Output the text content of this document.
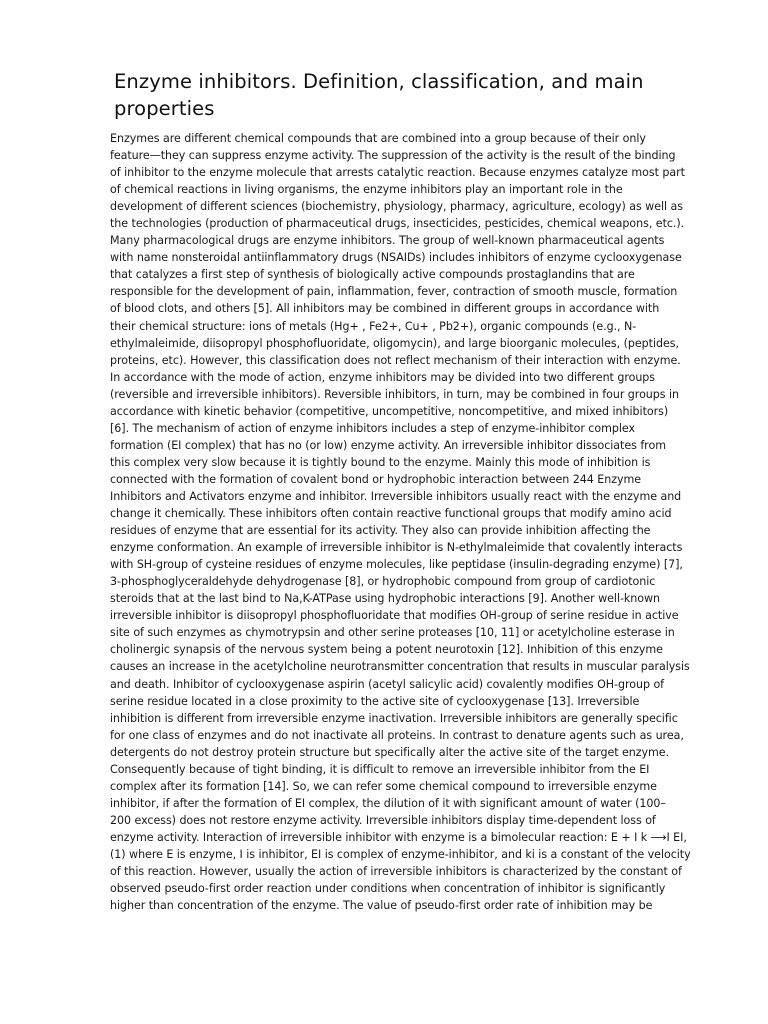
Enzyme inhibitors. Definition, classification, and main
properties

Enzymes are different chemical compounds that are combined into a group because of their only
feature—they can suppress enzyme activity. The suppression of the activity is the result of the binding
of inhibitor to the enzyme molecule that arrests catalytic reaction. Because enzymes catalyze most part
of chemical reactions in living organisms, the enzyme inhibitors play an important role in the
development of different sciences (biochemistry, physiology, pharmacy, agriculture, ecology) as well as
the technologies (production of pharmaceutical drugs, insecticides, pesticides, chemical weapons, etc.).
Many pharmacological drugs are enzyme inhibitors. The group of well-known pharmaceutical agents
with name nonsteroidal antiinflammatory drugs (NSAIDs) includes inhibitors of enzyme cyclooxygenase
that catalyzes a first step of synthesis of biologically active compounds prostaglandins that are
responsible for the development of pain, inflammation, fever, contraction of smooth muscle, formation
of blood clots, and others [5]. All inhibitors may be combined in different groups in accordance with
their chemical structure: ions of metals (Hg+ , Fe2+, Cu+ , Pb2+), organic compounds (e.g., N-
ethylmaleimide, diisopropyl phosphofluoridate, oligomycin), and large bioorganic molecules, (peptides,
proteins, etc). However, this classification does not reflect mechanism of their interaction with enzyme.
In accordance with the mode of action, enzyme inhibitors may be divided into two different groups
(reversible and irreversible inhibitors). Reversible inhibitors, in turn, may be combined in four groups in
accordance with kinetic behavior (competitive, uncompetitive, noncompetitive, and mixed inhibitors)
[6]. The mechanism of action of enzyme inhibitors includes a step of enzyme-inhibitor complex
formation (EI complex) that has no (or low) enzyme activity. An irreversible inhibitor dissociates from
this complex very slow because it is tightly bound to the enzyme. Mainly this mode of inhibition is
connected with the formation of covalent bond or hydrophobic interaction between 244 Enzyme
Inhibitors and Activators enzyme and inhibitor. Irreversible inhibitors usually react with the enzyme and
change it chemically. These inhibitors often contain reactive functional groups that modify amino acid
residues of enzyme that are essential for its activity. They also can provide inhibition affecting the
enzyme conformation. An example of irreversible inhibitor is N-ethylmaleimide that covalently interacts
with SH-group of cysteine residues of enzyme molecules, like peptidase (insulin-degrading enzyme) [7],
3-phosphoglyceraldehyde dehydrogenase [8], or hydrophobic compound from group of cardiotonic
steroids that at the last bind to Na,K-ATPase using hydrophobic interactions [9]. Another well-known
irreversible inhibitor is diisopropyl phosphofluoridate that modifies OH-group of serine residue in active
site of such enzymes as chymotrypsin and other serine proteases [10, 11] or acetylcholine esterase in
cholinergic synapsis of the nervous system being a potent neurotoxin [12]. Inhibition of this enzyme
causes an increase in the acetylcholine neurotransmitter concentration that results in muscular paralysis
and death. Inhibitor of cyclooxygenase aspirin (acetyl salicylic acid) covalently modifies OH-group of
serine residue located in a close proximity to the active site of cyclooxygenase [13]. Irreversible
inhibition is different from irreversible enzyme inactivation. Irreversible inhibitors are generally specific
for one class of enzymes and do not inactivate all proteins. In contrast to denature agents such as urea,
detergents do not destroy protein structure but specifically alter the active site of the target enzyme.
Consequently because of tight binding, it is difficult to remove an irreversible inhibitor from the EI
complex after its formation [14]. So, we can refer some chemical compound to irreversible enzyme
inhibitor, if after the formation of EI complex, the dilution of it with significant amount of water (100–
200 excess) does not restore enzyme activity. Irreversible inhibitors display time-dependent loss of
enzyme activity. Interaction of irreversible inhibitor with enzyme is a bimolecular reaction: E + I k ⟶I EI,
(1) where E is enzyme, I is inhibitor, EI is complex of enzyme-inhibitor, and ki is a constant of the velocity
of this reaction. However, usually the action of irreversible inhibitors is characterized by the constant of
observed pseudo-first order reaction under conditions when concentration of inhibitor is significantly
higher than concentration of the enzyme. The value of pseudo-first order rate of inhibition may be
